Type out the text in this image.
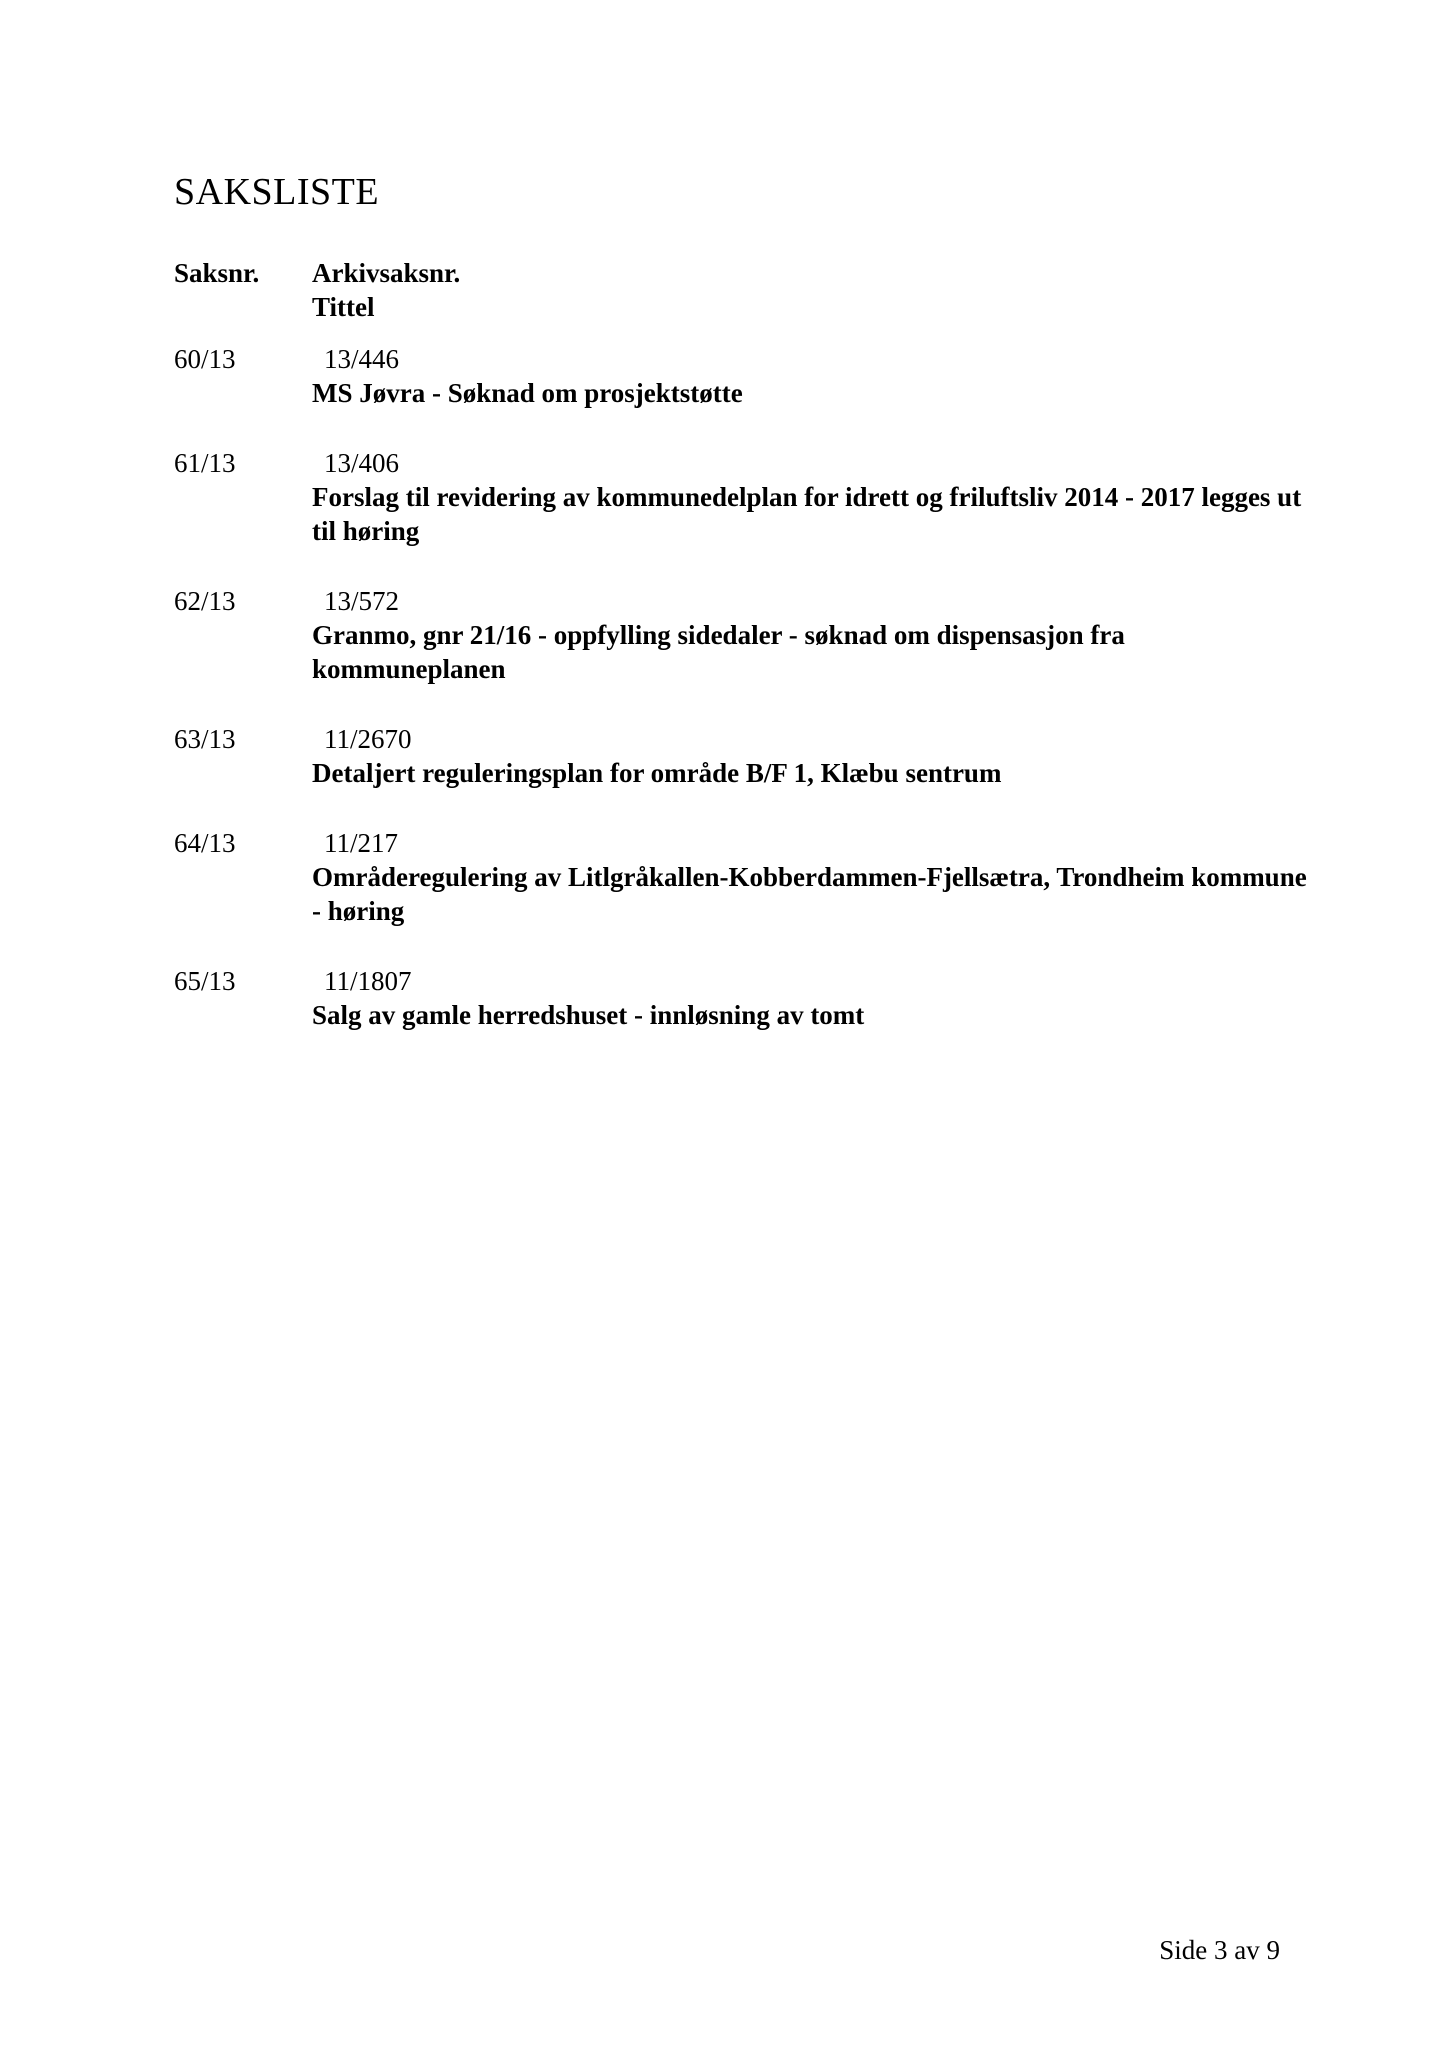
SAKSLISTE
Saksnr. Arkivsaksnr.
Tittel
60/13	13/446
MS Jøvra - Søknad om prosjektstøtte
61/13	13/406
Forslag til revidering av kommunedelplan for idrett og friluftsliv 2014 - 2017 legges ut til høring
62/13	13/572
Granmo, gnr 21/16 - oppfylling sidedaler - søknad om dispensasjon fra kommuneplanen
63/13	11/2670
Detaljert reguleringsplan for område B/F 1, Klæbu sentrum
64/13	11/217
Områderegulering av Litlgråkallen-Kobberdammen-Fjellsætra, Trondheim kommune - høring
65/13	11/1807
Salg av gamle herredshuset - innløsning av tomt
Side 3 av 9
